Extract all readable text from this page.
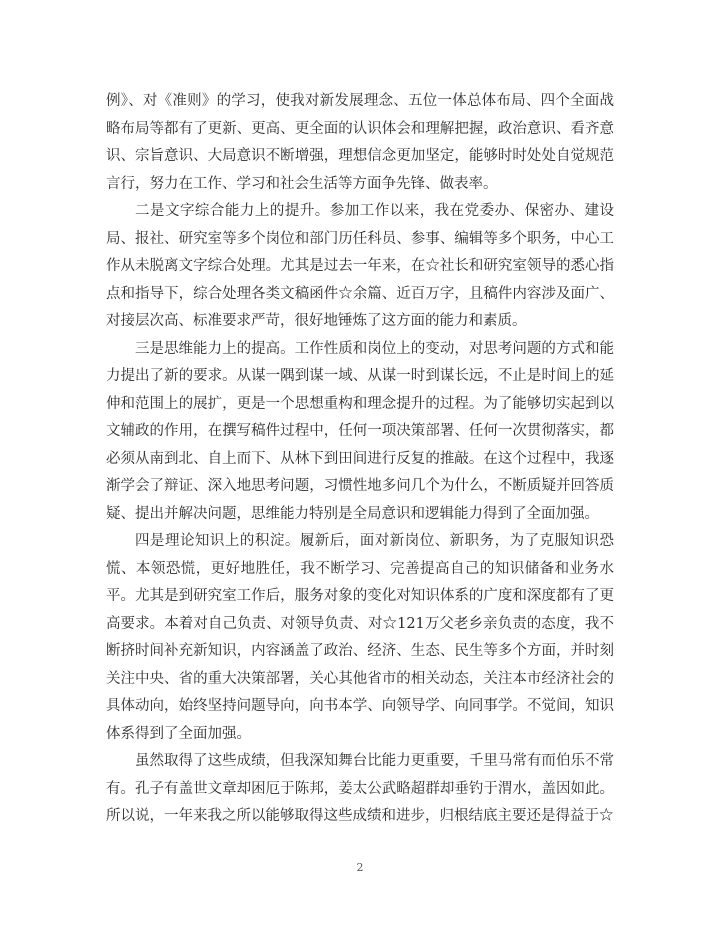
例》、对《准则》的学习，使我对新发展理念、五位一体总体布局、四个全面战略布局等都有了更新、更高、更全面的认识体会和理解把握，政治意识、看齐意识、宗旨意识、大局意识不断增强，理想信念更加坚定，能够时时处处自觉规范言行，努力在工作、学习和社会生活等方面争先锋、做表率。

二是文字综合能力上的提升。参加工作以来，我在党委办、保密办、建设局、报社、研究室等多个岗位和部门历任科员、参事、编辑等多个职务，中心工作从未脱离文字综合处理。尤其是过去一年来，在☆社长和研究室领导的悉心指点和指导下，综合处理各类文稿函件☆余篇、近百万字，且稿件内容涉及面广、对接层次高、标准要求严苛，很好地锤炼了这方面的能力和素质。

三是思维能力上的提高。工作性质和岗位上的变动，对思考问题的方式和能力提出了新的要求。从谋一隅到谋一域、从谋一时到谋长远，不止是时间上的延伸和范围上的展扩，更是一个思想重构和理念提升的过程。为了能够切实起到以文辅政的作用，在撰写稿件过程中，任何一项决策部署、任何一次贯彻落实，都必须从南到北、自上而下、从林下到田间进行反复的推敲。在这个过程中，我逐渐学会了辩证、深入地思考问题，习惯性地多问几个为什么，不断质疑并回答质疑、提出并解决问题，思维能力特别是全局意识和逻辑能力得到了全面加强。

四是理论知识上的积淀。履新后，面对新岗位、新职务，为了克服知识恐慌、本领恐慌，更好地胜任，我不断学习、完善提高自己的知识储备和业务水平。尤其是到研究室工作后，服务对象的变化对知识体系的广度和深度都有了更高要求。本着对自己负责、对领导负责、对☆121万父老乡亲负责的态度，我不断挤时间补充新知识，内容涵盖了政治、经济、生态、民生等多个方面，并时刻关注中央、省的重大决策部署，关心其他省市的相关动态，关注本市经济社会的具体动向，始终坚持问题导向，向书本学、向领导学、向同事学。不觉间，知识体系得到了全面加强。

虽然取得了这些成绩，但我深知舞台比能力更重要，千里马常有而伯乐不常有。孔子有盖世文章却困厄于陈邦，姜太公武略超群却垂钓于渭水，盖因如此。所以说，一年来我之所以能够取得这些成绩和进步，归根结底主要还是得益于☆

2
